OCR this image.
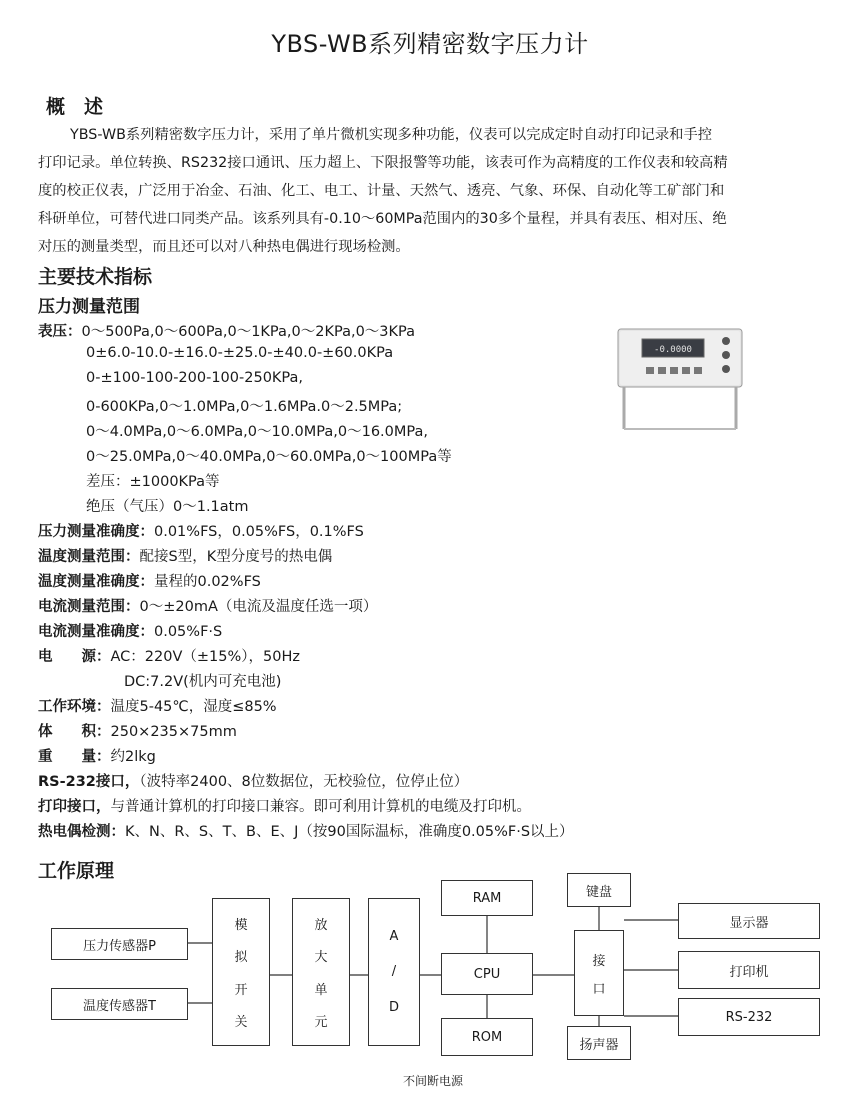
YBS-WB系列精密数字压力计
概　述
YBS-WB系列精密数字压力计，采用了单片微机实现多种功能，仪表可以完成定时自动打印记录和手控
打印记录。单位转换、RS232接口通讯、压力超上、下限报警等功能，该表可作为高精度的工作仪表和较高精
度的校正仪表，广泛用于冶金、石油、化工、电工、计量、天然气、透亮、气象、环保、自动化等工矿部门和
科研单位，可替代进口同类产品。该系列具有-0.10～60MPa范围内的30多个量程，并具有表压、相对压、绝
对压的测量类型，而且还可以对八种热电偶进行现场检测。
主要技术指标
压力测量范围
表压：0～500Pa,0～600Pa,0～1KPa,0～2KPa,0～3KPa
0±6.0-10.0-±16.0-±25.0-±40.0-±60.0KPa
0-±100-100-200-100-250KPa,
0-600KPa,0～1.0MPa,0～1.6MPa.0～2.5MPa;
0～4.0MPa,0～6.0MPa,0～10.0MPa,0～16.0MPa,
0～25.0MPa,0～40.0MPa,0～60.0MPa,0～100MPa等
差压：±1000KPa等
绝压（气压）0～1.1atm
-0.0000
压力测量准确度：0.01%FS，0.05%FS，0.1%FS
温度测量范围：配接S型，K型分度号的热电偶
温度测量准确度：量程的0.02%FS
电流测量范围：0～±20mA（电流及温度任选一项）
电流测量准确度：0.05%F·S
电　　源：AC：220V（±15%），50Hz
DC:7.2V(机内可充电池)
工作环境：温度5-45℃，湿度≤85%
体　　积：250×235×75mm
重　　量：约2lkg
RS-232接口，（波特率2400、8位数据位，无校验位，位停止位）
打印接口，与普通计算机的打印接口兼容。即可利用计算机的电缆及打印机。
热电偶检测：K、N、R、S、T、B、E、J（按90国际温标，准确度0.05%F·S以上）
工作原理
压力传感器P
温度传感器T
模
拟
开
关
放
大
单
元
A
/
D
RAM
CPU
ROM
键盘
接
口
扬声器
显示器
打印机
RS-232
不间断电源
